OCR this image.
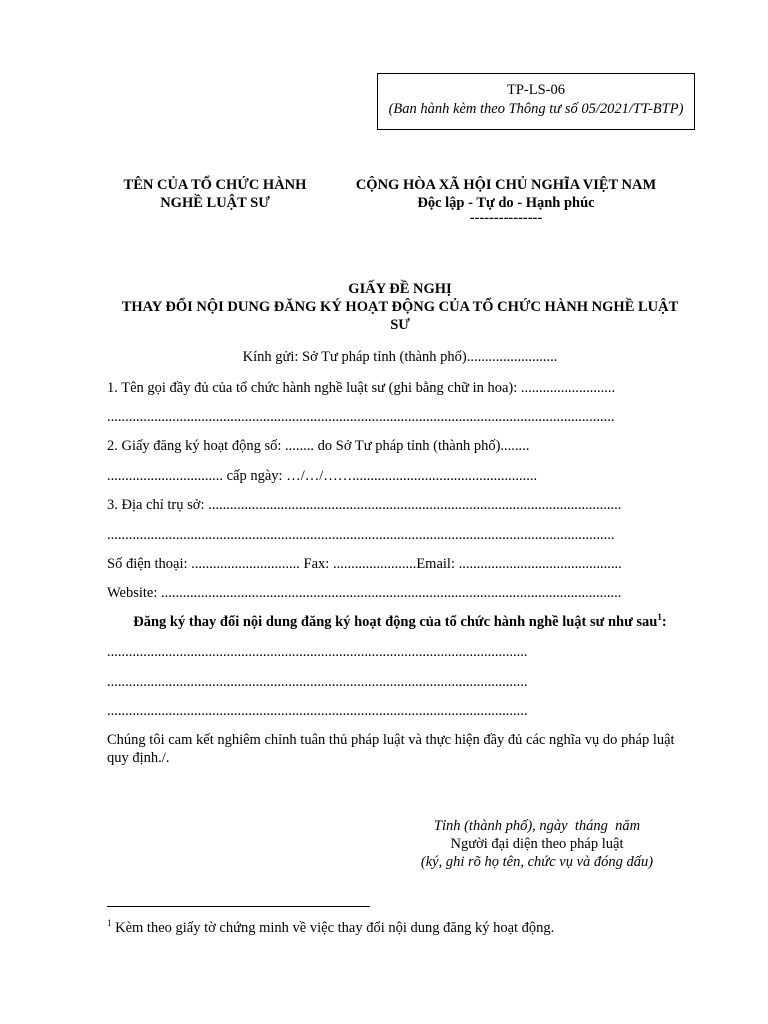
TP-LS-06
(Ban hành kèm theo Thông tư số 05/2021/TT-BTP)
TÊN CỦA TỔ CHỨC HÀNH
NGHỀ LUẬT SƯ
CỘNG HÒA XÃ HỘI CHỦ NGHĨA VIỆT NAM
Độc lập - Tự do - Hạnh phúc
---------------
GIẤY ĐỀ NGHỊ
THAY ĐỔI NỘI DUNG ĐĂNG KÝ HOẠT ĐỘNG CỦA TỔ CHỨC HÀNH NGHỀ LUẬT
SƯ
Kính gửi: Sở Tư pháp tỉnh (thành phố).........................
1. Tên gọi đầy đủ của tổ chức hành nghề luật sư (ghi bằng chữ in hoa): ..........................
............................................................................................................................................
2. Giấy đăng ký hoạt động số: ........ do Sở Tư pháp tỉnh (thành phố)........
................................ cấp ngày: …/…/……...................................................
3. Địa chỉ trụ sở: ..................................................................................................................
............................................................................................................................................
Số điện thoại: .............................. Fax: .......................Email: .............................................
Website: ...............................................................................................................................
Đăng ký thay đổi nội dung đăng ký hoạt động của tổ chức hành nghề luật sư như sau$^1$:
....................................................................................................................
....................................................................................................................
....................................................................................................................
Chúng tôi cam kết nghiêm chỉnh tuân thủ pháp luật và thực hiện đầy đủ các nghĩa vụ do pháp luật
quy định./.
Tỉnh (thành phố), ngày  tháng  năm
Người đại diện theo pháp luật
(ký, ghi rõ họ tên, chức vụ và đóng dấu)
$^1$ Kèm theo giấy tờ chứng minh về việc thay đổi nội dung đăng ký hoạt động.
